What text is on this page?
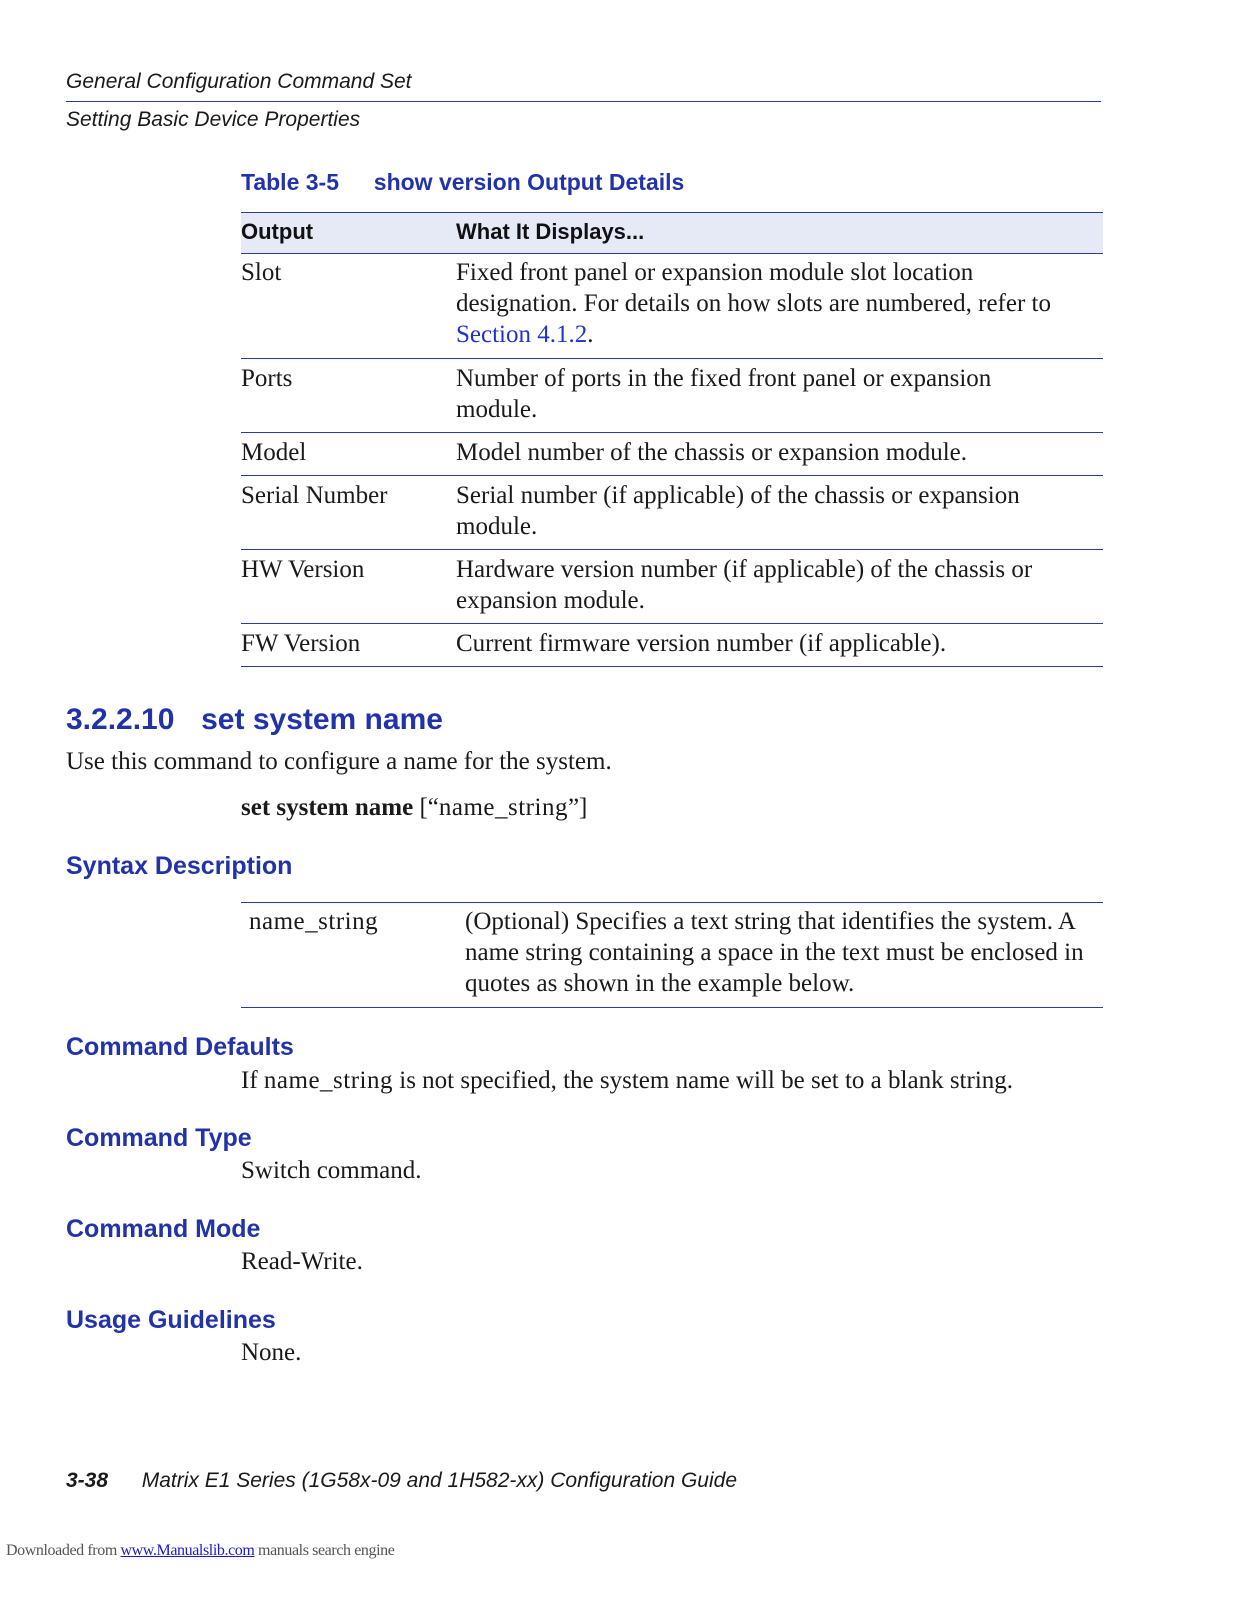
General Configuration Command Set
Setting Basic Device Properties
Table 3-5 show version Output Details
Output	What It Displays...
Slot	Fixed front panel or expansion module slot location designation. For details on how slots are numbered, refer to Section 4.1.2.
Ports	Number of ports in the fixed front panel or expansion module.
Model	Model number of the chassis or expansion module.
Serial Number	Serial number (if applicable) of the chassis or expansion module.
HW Version	Hardware version number (if applicable) of the chassis or expansion module.
FW Version	Current firmware version number (if applicable).
3.2.2.10 set system name
Use this command to configure a name for the system.
set system name [“name_string”]
Syntax Description
name_string	(Optional) Specifies a text string that identifies the system. A name string containing a space in the text must be enclosed in quotes as shown in the example below.
Command Defaults
If name_string is not specified, the system name will be set to a blank string.
Command Type
Switch command.
Command Mode
Read-Write.
Usage Guidelines
None.
3-38 Matrix E1 Series (1G58x-09 and 1H582-xx) Configuration Guide
Downloaded from www.Manualslib.com manuals search engine
